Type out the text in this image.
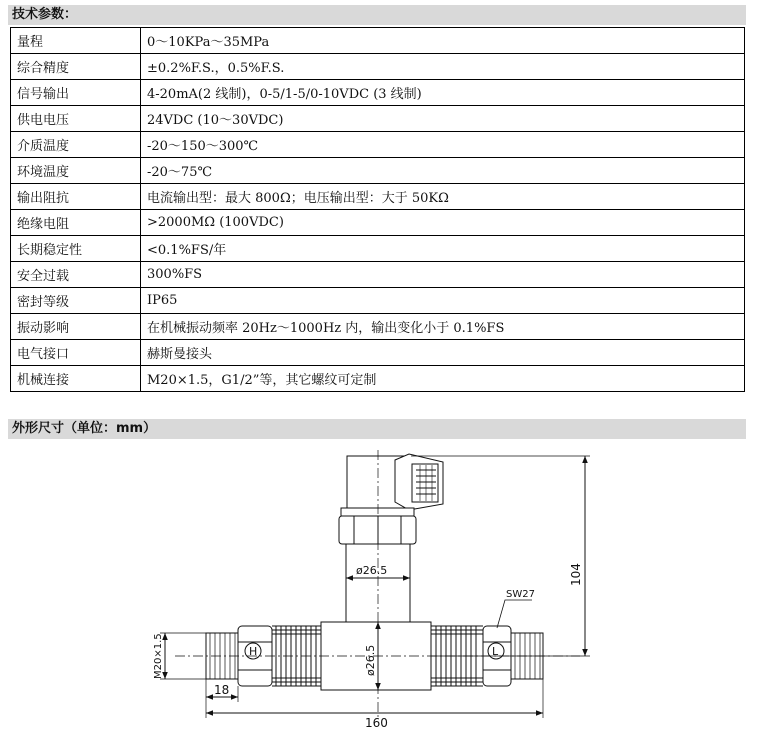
技术参数：
量程	0～10KPa～35MPa
综合精度	±0.2%F.S.，0.5%F.S.
信号输出	4-20mA(2 线制)，0-5/1-5/0-10VDC (3 线制)
供电电压	24VDC (10～30VDC)
介质温度	-20～150～300℃
环境温度	-20～75℃
输出阻抗	电流输出型：最大 800Ω；电压输出型：大于 50KΩ
绝缘电阻	>2000MΩ (100VDC)
长期稳定性	<0.1%FS/年
安全过载	300%FS
密封等级	IP65
振动影响	在机械振动频率 20Hz～1000Hz 内，输出变化小于 0.1%FS
电气接口	赫斯曼接头
机械连接	M20×1.5，G1/2”等，其它螺纹可定制
外形尺寸（单位：mm）
ø26.5
ø26.5
M20×1.5
SW27
H	L
104
18
160
